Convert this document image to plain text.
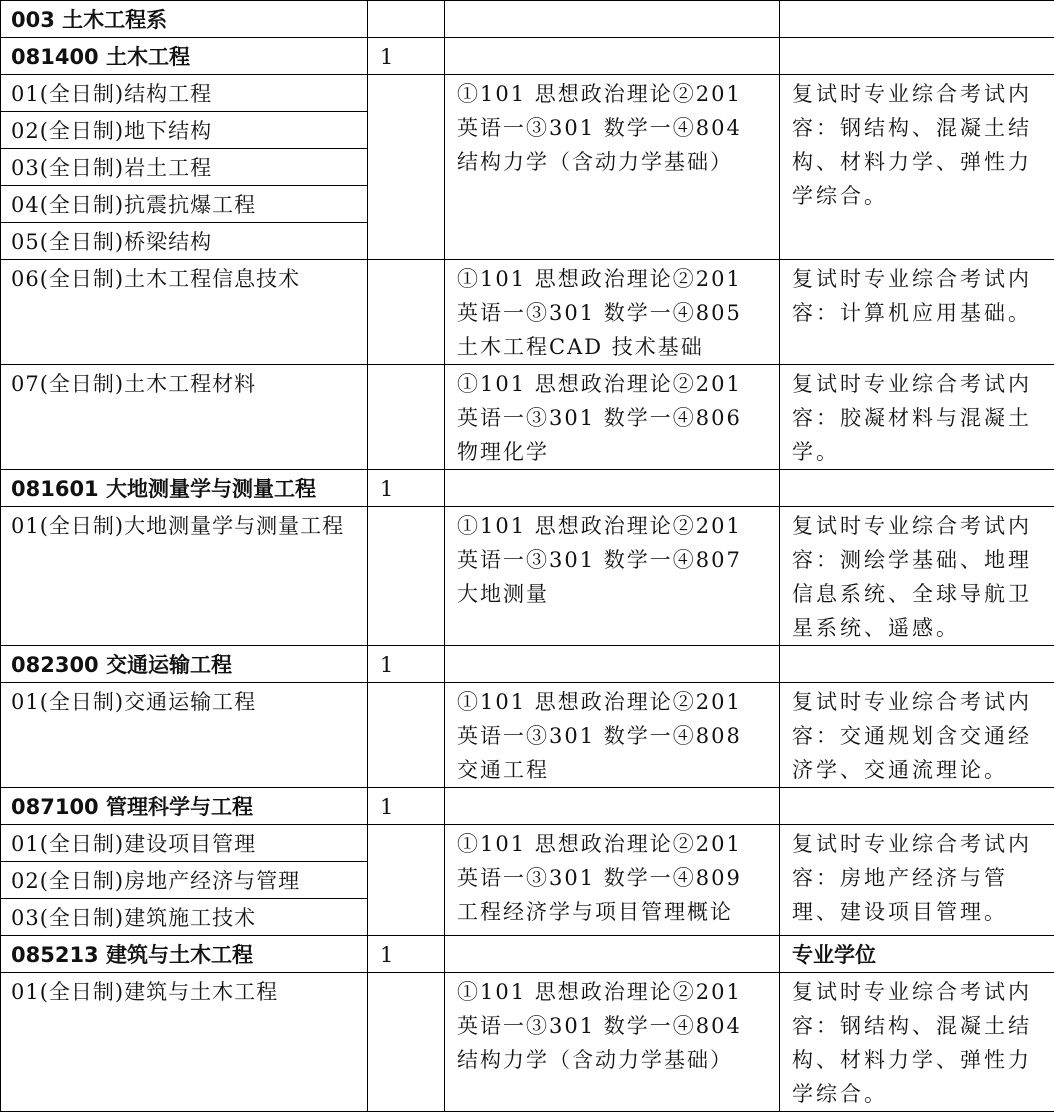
003 土木工程系			
081400 土木工程	1		
01(全日制)结构工程		①101 思想政治理论②201 英语一③301 数学一④804 结构力学（含动力学基础）	复试时专业综合考试内容：钢结构、混凝土结构、材料力学、弹性力学综合。
02(全日制)地下结构			
03(全日制)岩土工程			
04(全日制)抗震抗爆工程			
05(全日制)桥梁结构			
06(全日制)土木工程信息技术		①101 思想政治理论②201 英语一③301 数学一④805 土木工程CAD 技术基础	复试时专业综合考试内容：计算机应用基础。
07(全日制)土木工程材料		①101 思想政治理论②201 英语一③301 数学一④806 物理化学	复试时专业综合考试内容：胶凝材料与混凝土学。
081601 大地测量学与测量工程	1		
01(全日制)大地测量学与测量工程		①101 思想政治理论②201 英语一③301 数学一④807 大地测量	复试时专业综合考试内容：测绘学基础、地理信息系统、全球导航卫星系统、遥感。
082300 交通运输工程	1		
01(全日制)交通运输工程		①101 思想政治理论②201 英语一③301 数学一④808 交通工程	复试时专业综合考试内容：交通规划含交通经济学、交通流理论。
087100 管理科学与工程	1		
01(全日制)建设项目管理		①101 思想政治理论②201 英语一③301 数学一④809 工程经济学与项目管理概论	复试时专业综合考试内容：房地产经济与管理、建设项目管理。
02(全日制)房地产经济与管理			
03(全日制)建筑施工技术			
085213 建筑与土木工程	1		专业学位
01(全日制)建筑与土木工程		①101 思想政治理论②201 英语一③301 数学一④804 结构力学（含动力学基础）	复试时专业综合考试内容：钢结构、混凝土结构、材料力学、弹性力学综合。
